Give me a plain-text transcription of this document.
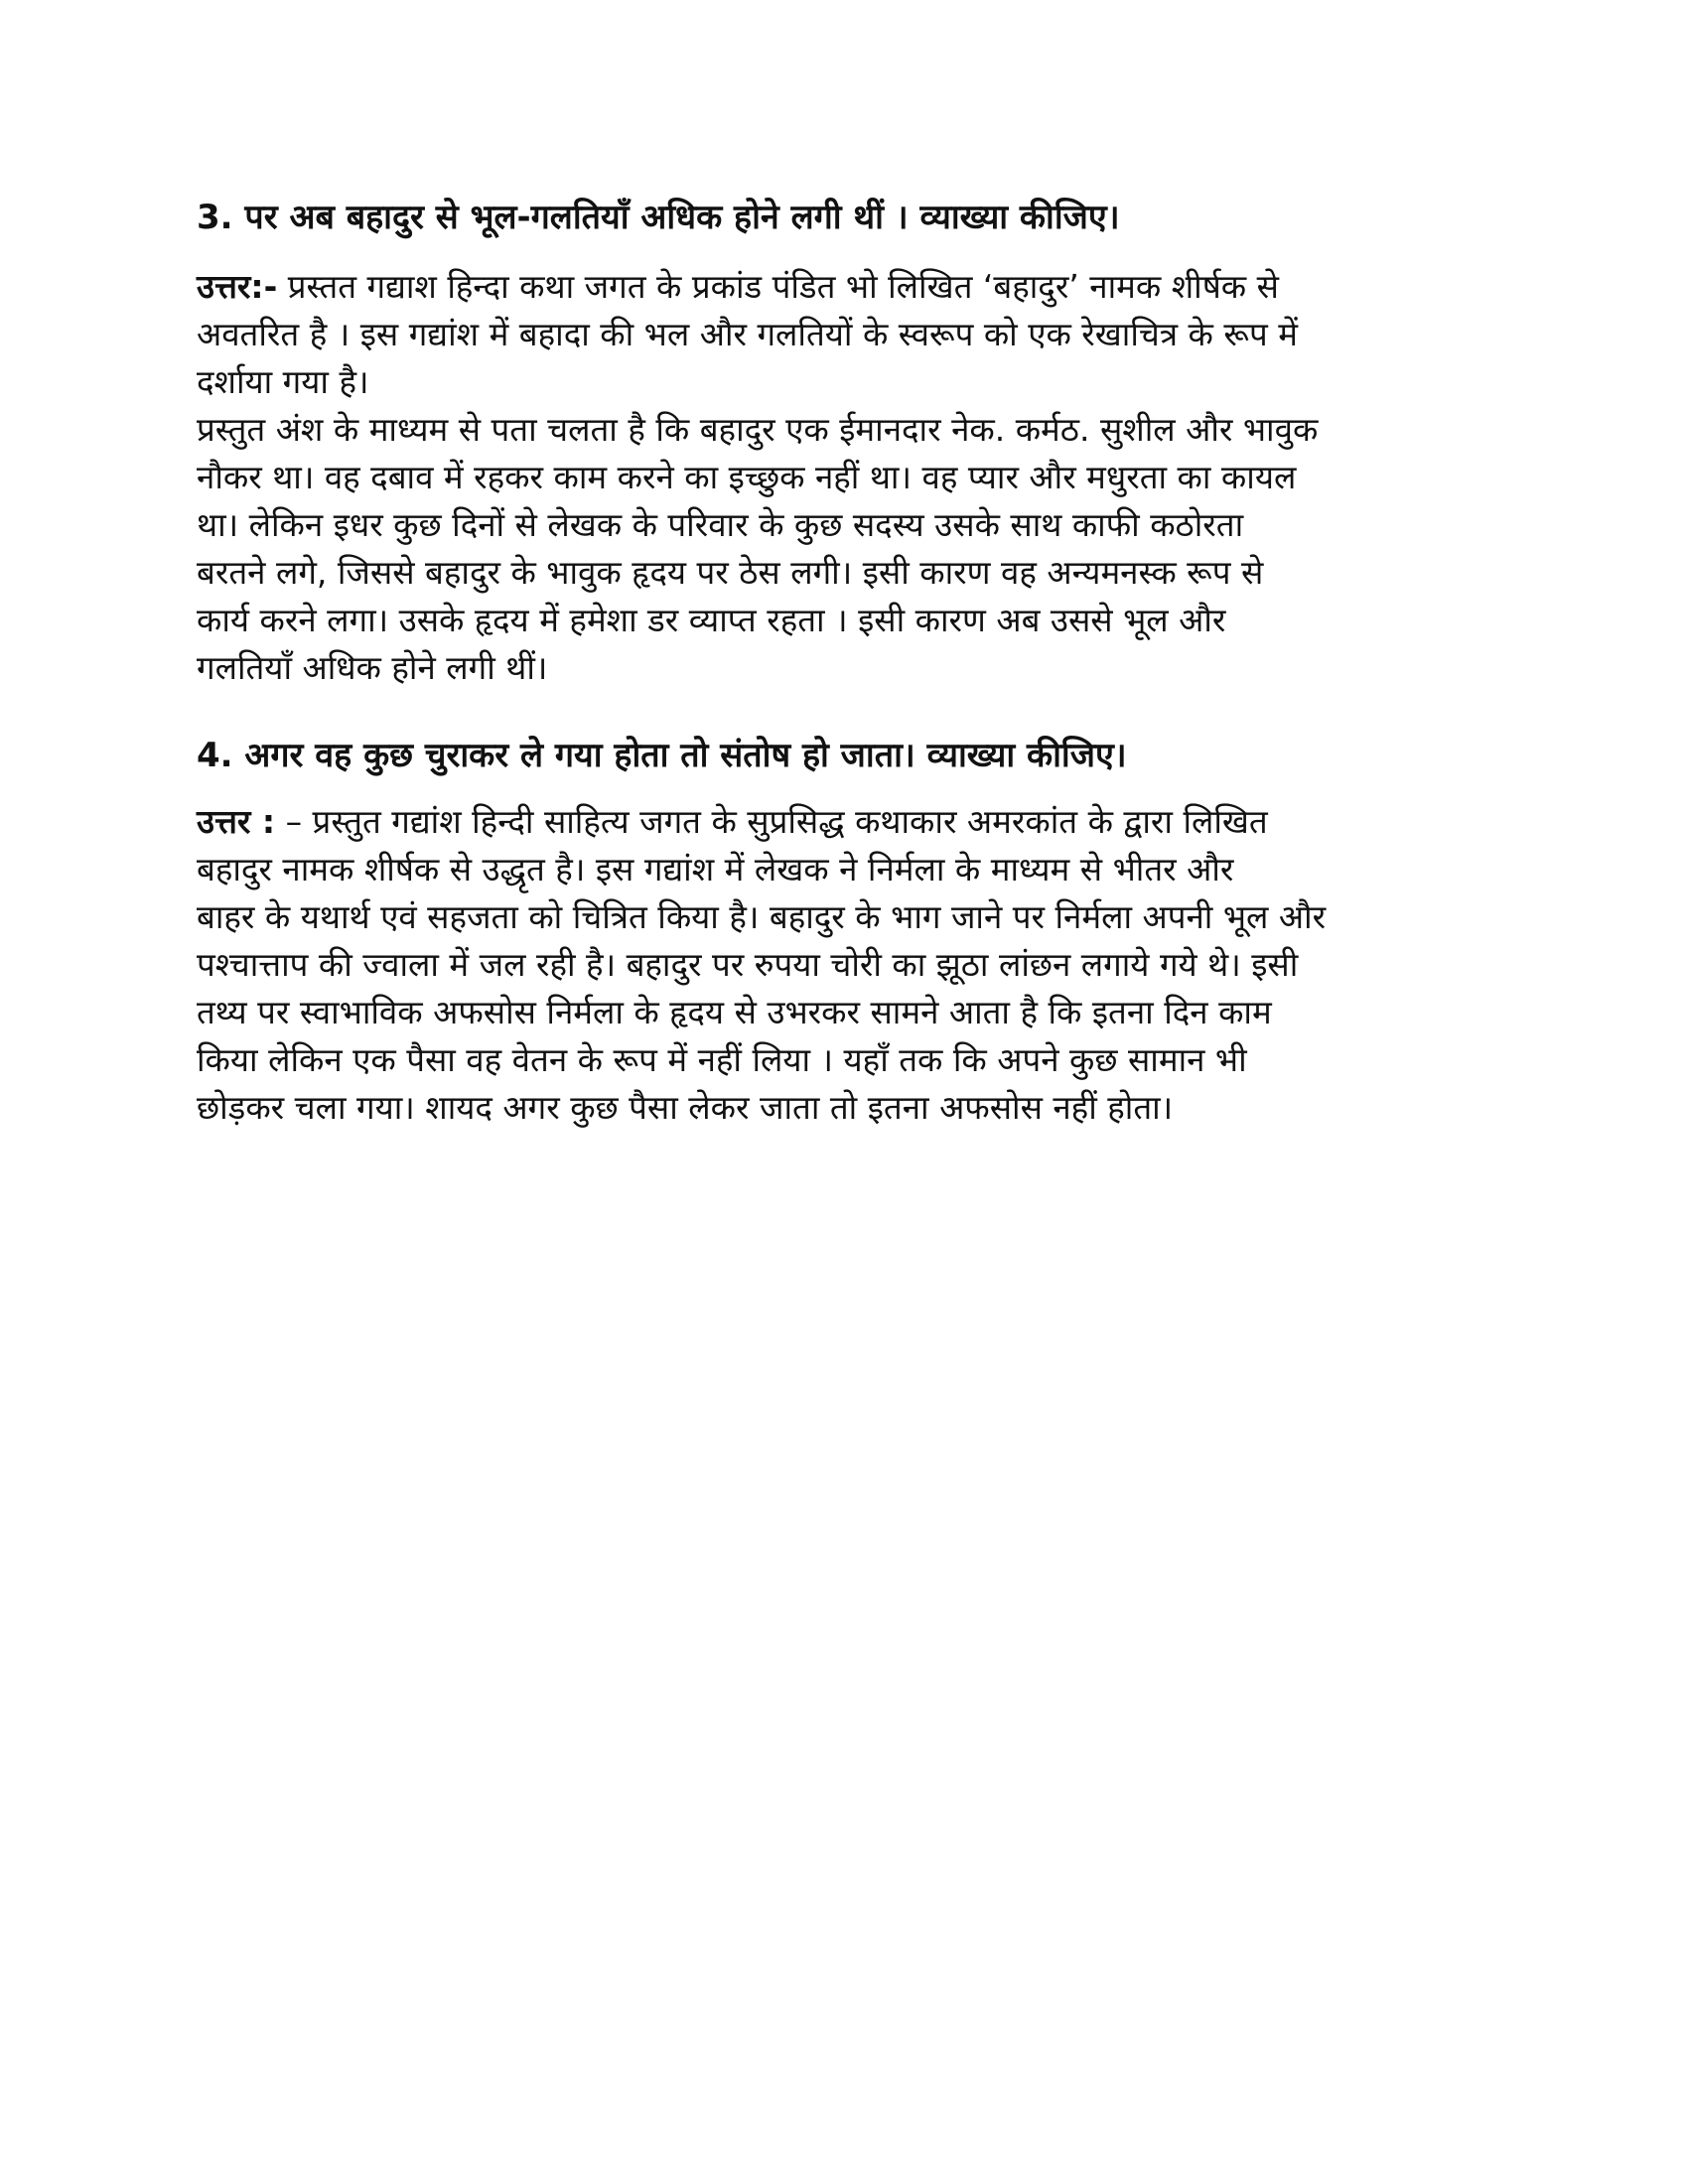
3. पर अब बहादुर से भूल-गलतियाँ अधिक होने लगी थीं । व्याख्या कीजिए।
उत्तर:- प्रस्तत गद्याश हिन्दा कथा जगत के प्रकांड पंडित भो लिखित ‘बहादुर’ नामक शीर्षक से
अवतरित है । इस गद्यांश में बहादा की भल और गलतियों के स्वरूप को एक रेखाचित्र के रूप में
दर्शाया गया है।
प्रस्तुत अंश के माध्यम से पता चलता है कि बहादुर एक ईमानदार नेक. कर्मठ. सुशील और भावुक
नौकर था। वह दबाव में रहकर काम करने का इच्छुक नहीं था। वह प्यार और मधुरता का कायल
था। लेकिन इधर कुछ दिनों से लेखक के परिवार के कुछ सदस्य उसके साथ काफी कठोरता
बरतने लगे, जिससे बहादुर के भावुक हृदय पर ठेस लगी। इसी कारण वह अन्यमनस्क रूप से
कार्य करने लगा। उसके हृदय में हमेशा डर व्याप्त रहता । इसी कारण अब उससे भूल और
गलतियाँ अधिक होने लगी थीं।
4. अगर वह कुछ चुराकर ले गया होता तो संतोष हो जाता। व्याख्या कीजिए।
उत्तर : – प्रस्तुत गद्यांश हिन्दी साहित्य जगत के सुप्रसिद्ध कथाकार अमरकांत के द्वारा लिखित
बहादुर नामक शीर्षक से उद्धृत है। इस गद्यांश में लेखक ने निर्मला के माध्यम से भीतर और
बाहर के यथार्थ एवं सहजता को चित्रित किया है। बहादुर के भाग जाने पर निर्मला अपनी भूल और
पश्चात्ताप की ज्वाला में जल रही है। बहादुर पर रुपया चोरी का झूठा लांछन लगाये गये थे। इसी
तथ्य पर स्वाभाविक अफसोस निर्मला के हृदय से उभरकर सामने आता है कि इतना दिन काम
किया लेकिन एक पैसा वह वेतन के रूप में नहीं लिया । यहाँ तक कि अपने कुछ सामान भी
छोड़कर चला गया। शायद अगर कुछ पैसा लेकर जाता तो इतना अफसोस नहीं होता।
